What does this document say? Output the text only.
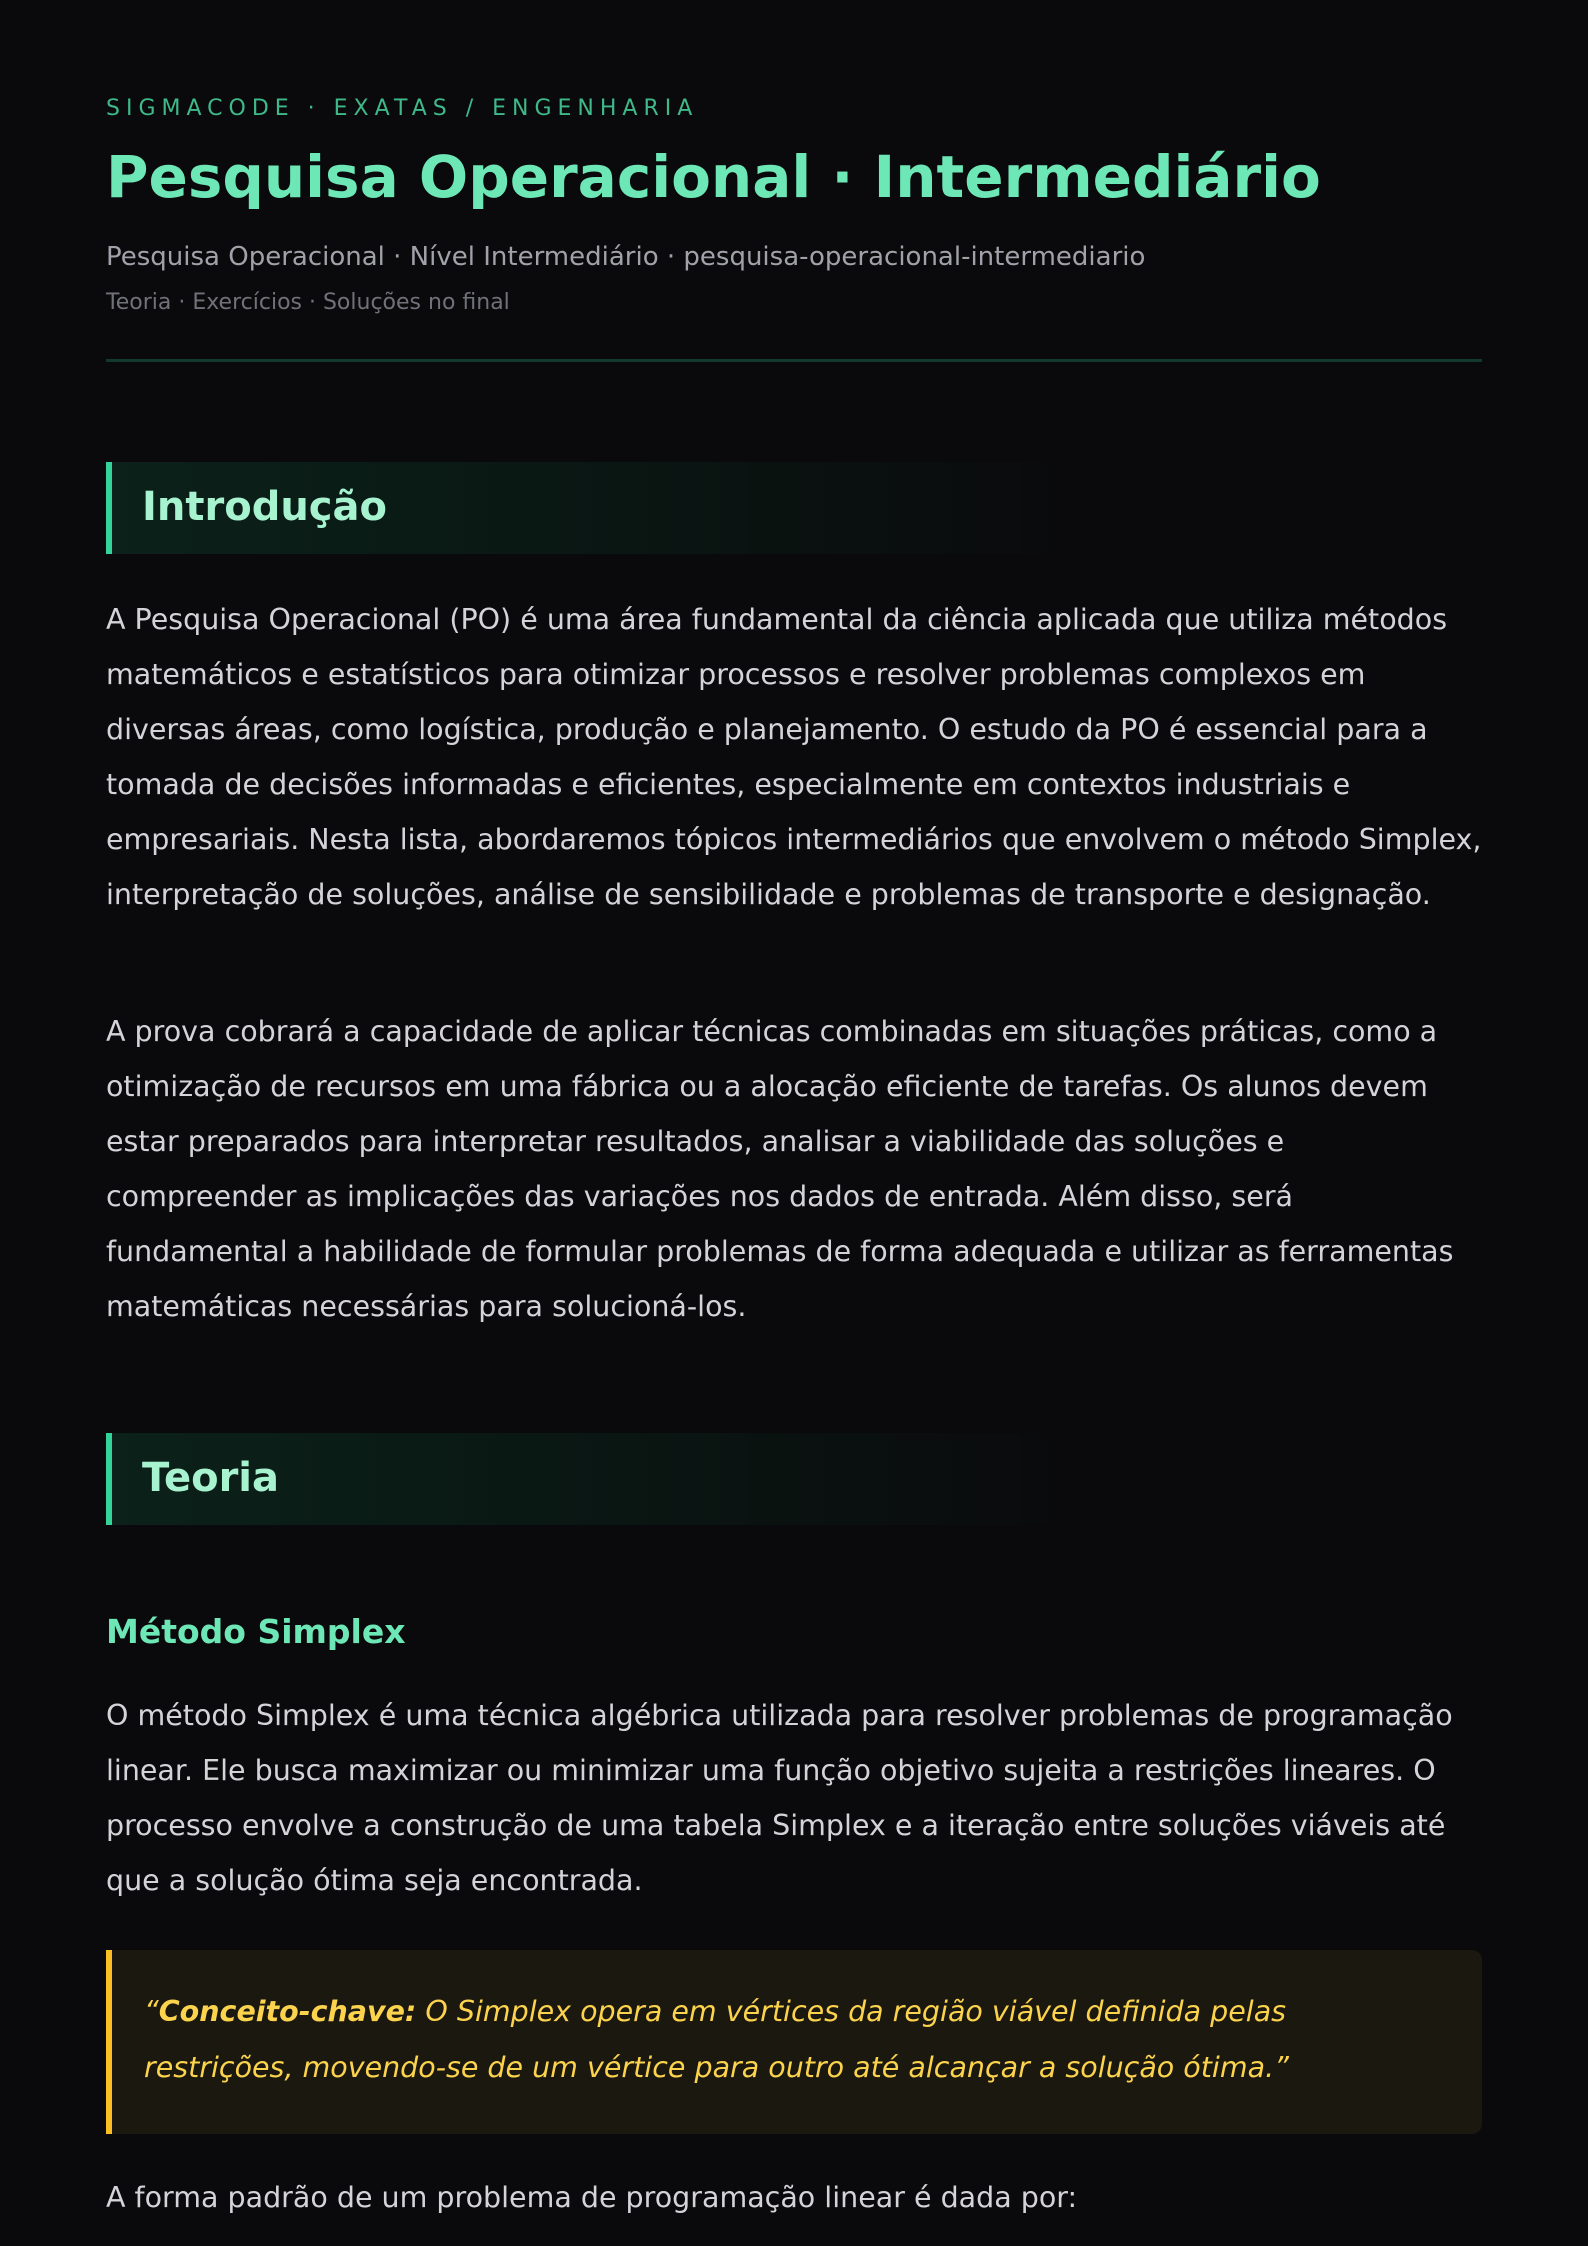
SIGMACODE · EXATAS / ENGENHARIA
Pesquisa Operacional · Intermediário
Pesquisa Operacional · Nível Intermediário · pesquisa-operacional-intermediario
Teoria · Exercícios · Soluções no final
Introdução

A Pesquisa Operacional (PO) é uma área fundamental da ciência aplicada que utiliza métodos matemáticos e estatísticos para otimizar processos e resolver problemas complexos em diversas áreas, como logística, produção e planejamento. O estudo da PO é essencial para a tomada de decisões informadas e eficientes, especialmente em contextos industriais e empresariais. Nesta lista, abordaremos tópicos intermediários que envolvem o método Simplex, interpretação de soluções, análise de sensibilidade e problemas de transporte e designação.

A prova cobrará a capacidade de aplicar técnicas combinadas em situações práticas, como a otimização de recursos em uma fábrica ou a alocação eficiente de tarefas. Os alunos devem estar preparados para interpretar resultados, analisar a viabilidade das soluções e compreender as implicações das variações nos dados de entrada. Além disso, será fundamental a habilidade de formular problemas de forma adequada e utilizar as ferramentas matemáticas necessárias para solucioná-los.

Teoria
Método Simplex

O método Simplex é uma técnica algébrica utilizada para resolver problemas de programação linear. Ele busca maximizar ou minimizar uma função objetivo sujeita a restrições lineares. O processo envolve a construção de uma tabela Simplex e a iteração entre soluções viáveis até que a solução ótima seja encontrada.

“Conceito-chave: O Simplex opera em vértices da região viável definida pelas restrições, movendo-se de um vértice para outro até alcançar a solução ótima.”

A forma padrão de um problema de programação linear é dada por:
